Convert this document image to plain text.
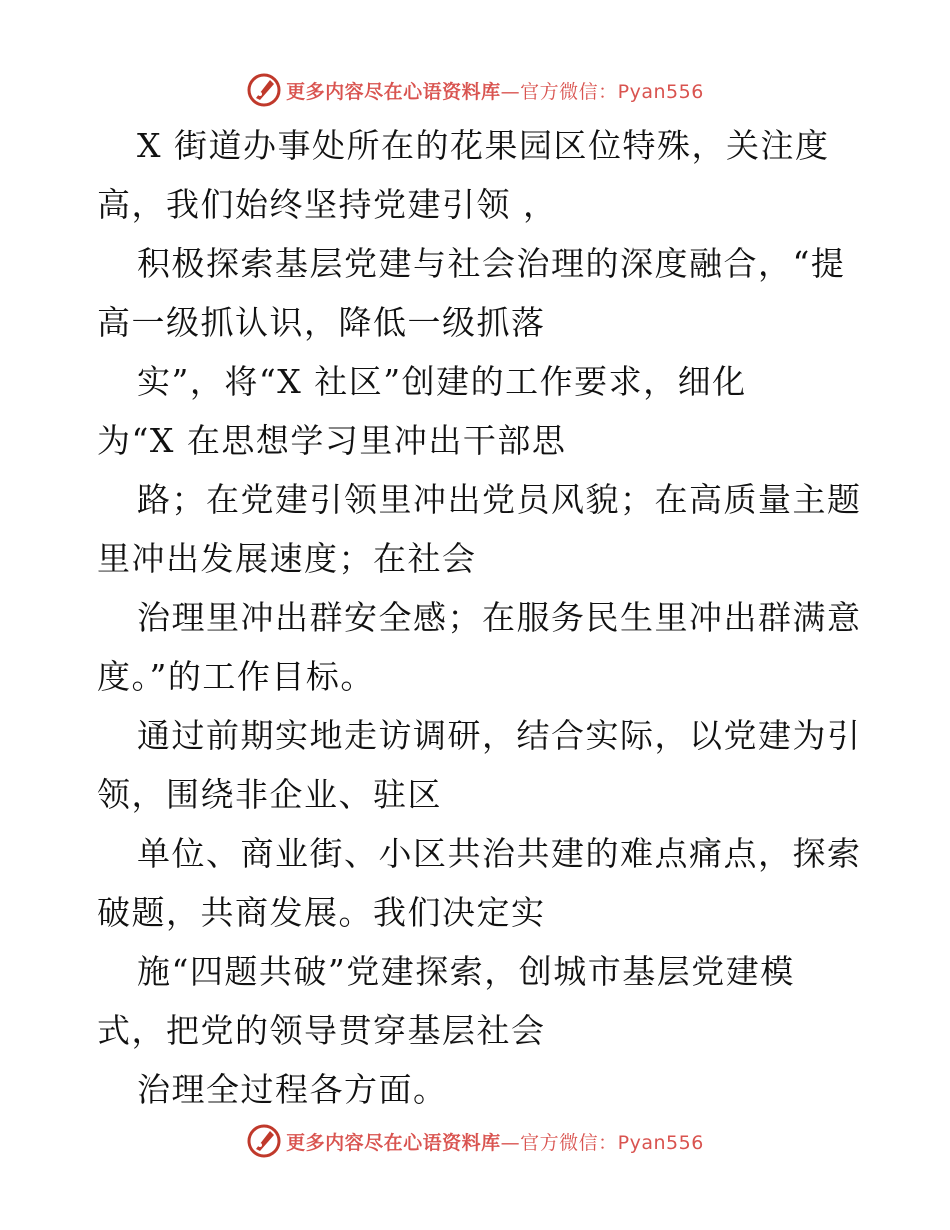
更多内容尽在心语资料库—官方微信：Pyan556
X 街道办事处所在的花果园区位特殊，关注度
高，我们始终坚持党建引领 ，
积极探索基层党建与社会治理的深度融合，“提
高一级抓认识，降低一级抓落
实”，将“X 社区”创建的工作要求，细化
为“X 在思想学习里冲出干部思
路；在党建引领里冲出党员风貌；在高质量主题
里冲出发展速度；在社会
治理里冲出群安全感；在服务民生里冲出群满意
度。”的工作目标。
通过前期实地走访调研，结合实际，以党建为引
领，围绕非企业、驻区
单位、商业街、小区共治共建的难点痛点，探索
破题，共商发展。我们决定实
施“四题共破”党建探索，创城市基层党建模
式，把党的领导贯穿基层社会
治理全过程各方面。
更多内容尽在心语资料库—官方微信：Pyan556
